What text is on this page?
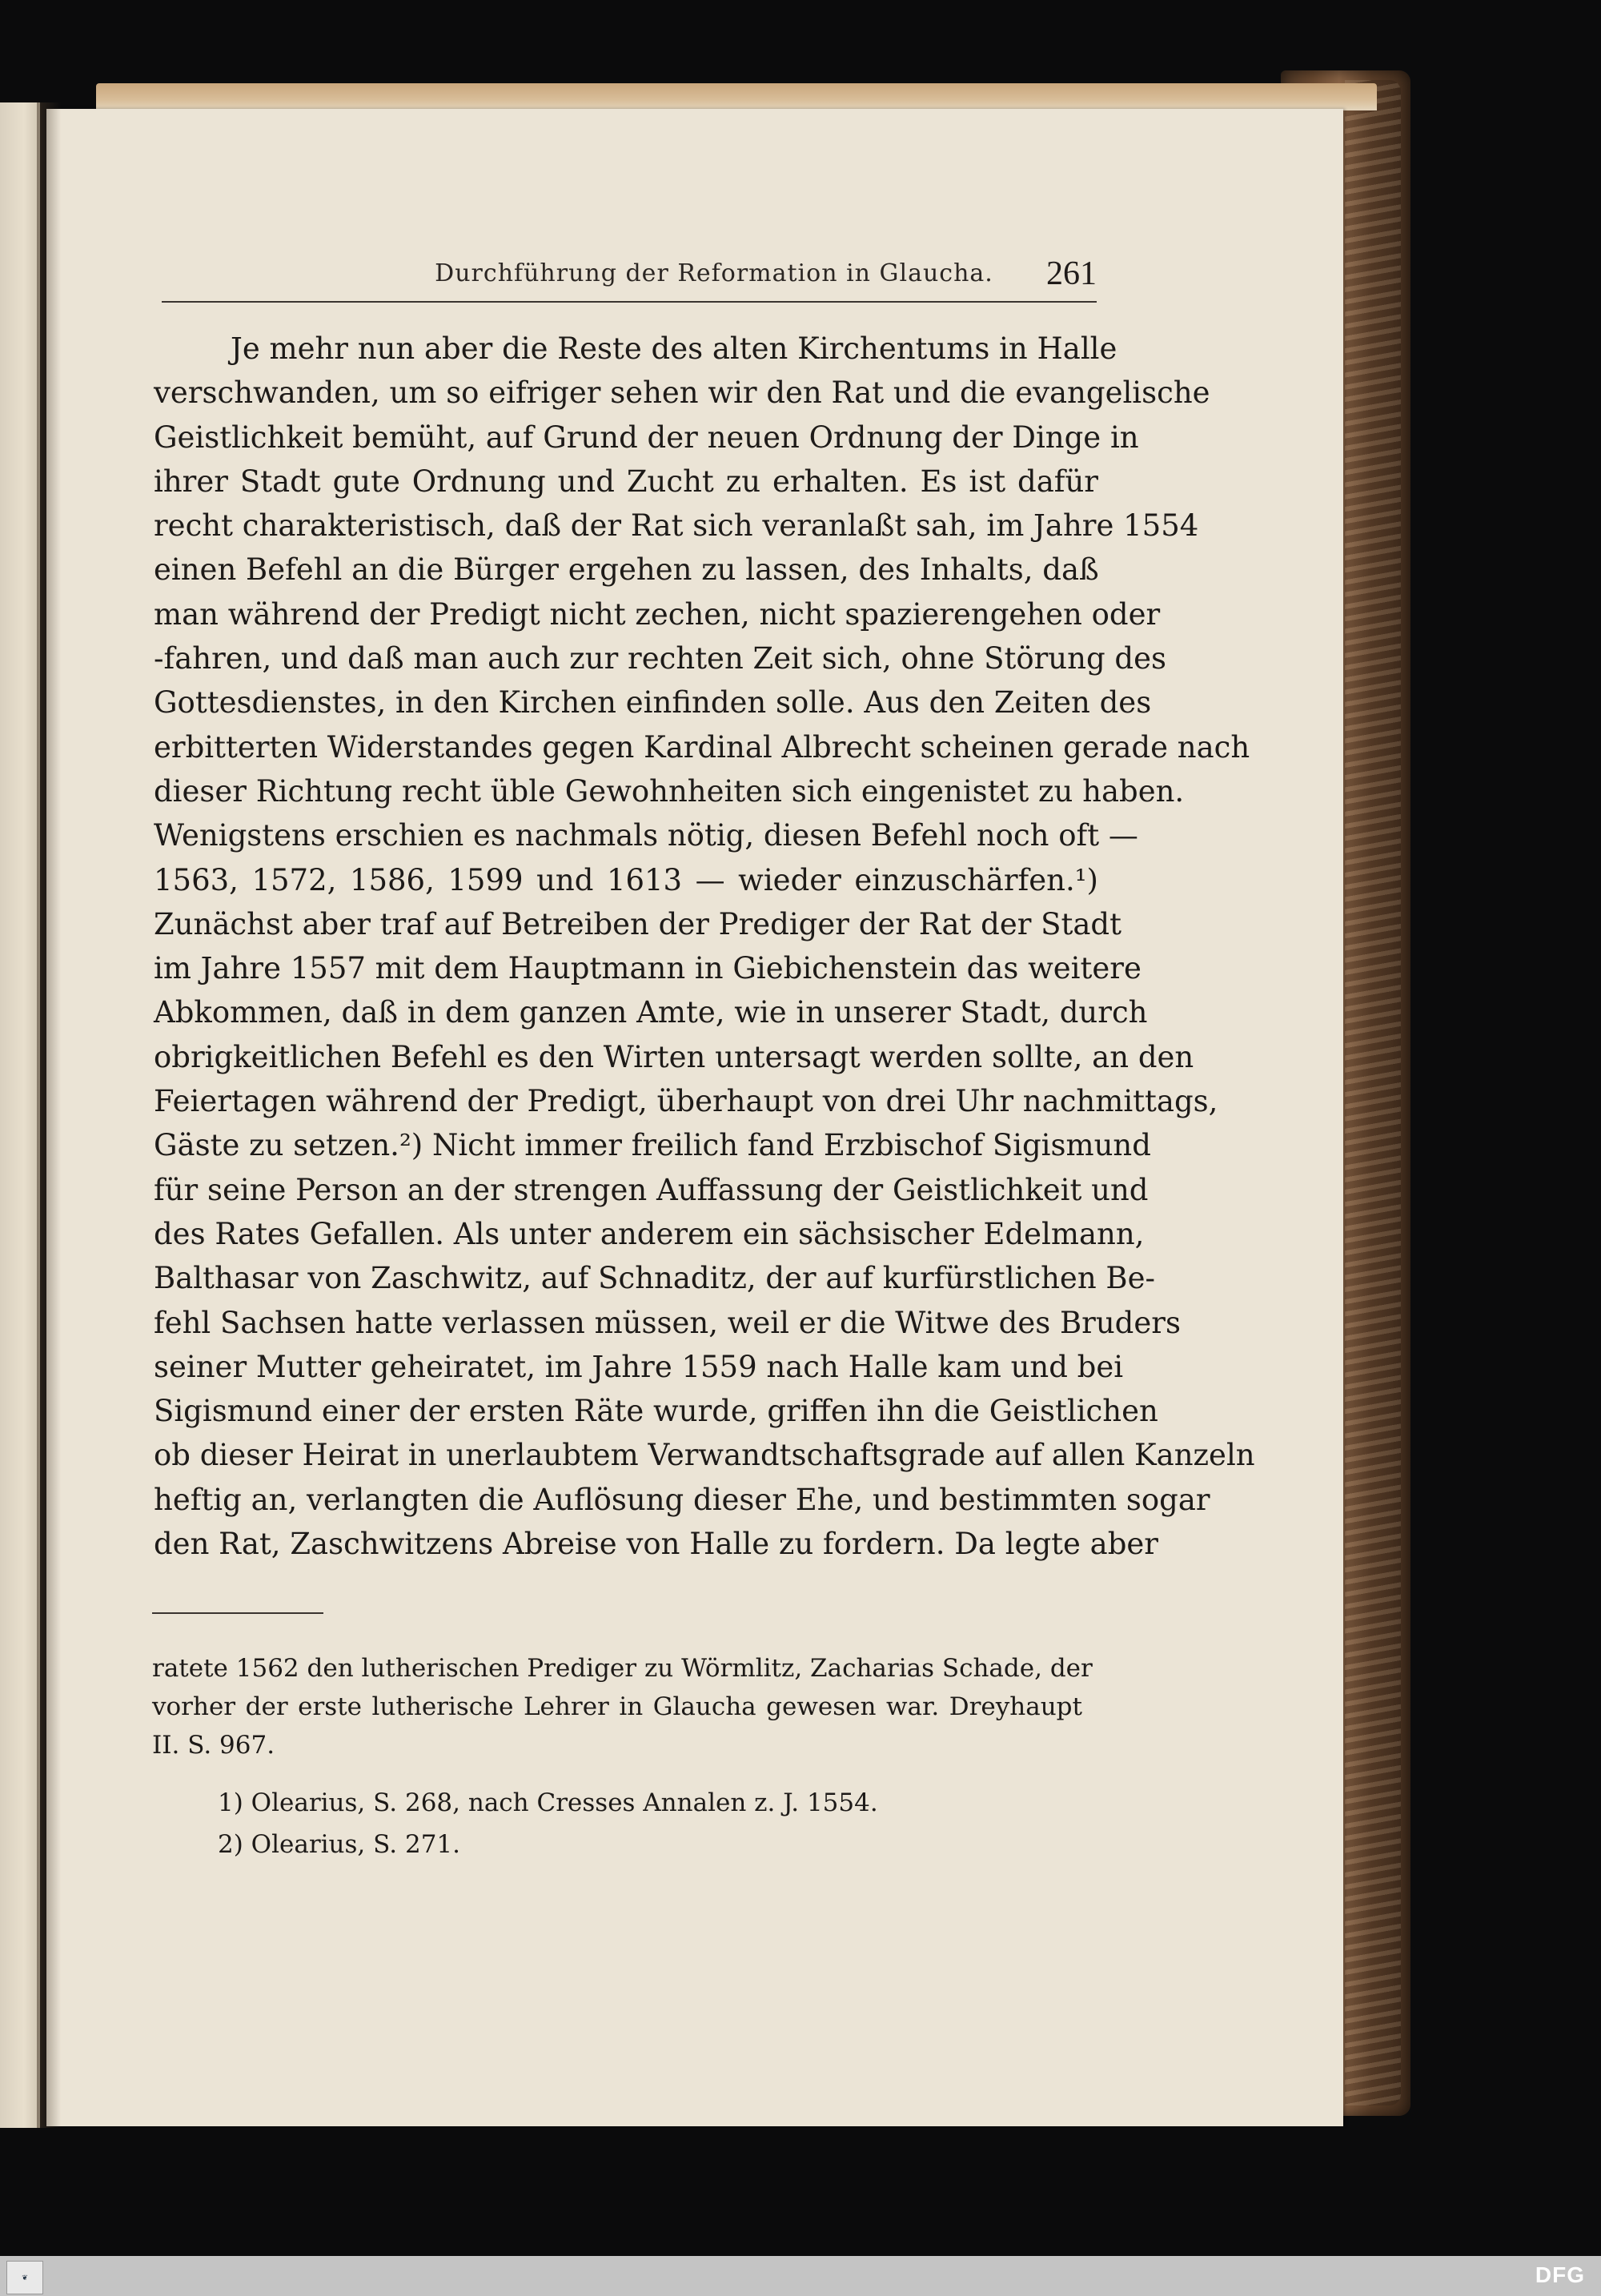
Durchführung der Reformation in Glaucha.	261
Je mehr nun aber die Reste des alten Kirchentums in Halle
verschwanden, um so eifriger sehen wir den Rat und die evangelische
Geistlichkeit bemüht, auf Grund der neuen Ordnung der Dinge in
ihrer Stadt gute Ordnung und Zucht zu erhalten. Es ist dafür
recht charakteristisch, daß der Rat sich veranlaßt sah, im Jahre 1554
einen Befehl an die Bürger ergehen zu lassen, des Inhalts, daß
man während der Predigt nicht zechen, nicht spazierengehen oder
-fahren, und daß man auch zur rechten Zeit sich, ohne Störung des
Gottesdienstes, in den Kirchen einfinden solle. Aus den Zeiten des
erbitterten Widerstandes gegen Kardinal Albrecht scheinen gerade nach
dieser Richtung recht üble Gewohnheiten sich eingenistet zu haben.
Wenigstens erschien es nachmals nötig, diesen Befehl noch oft —
1563, 1572, 1586, 1599 und 1613 — wieder einzuschärfen.¹)
Zunächst aber traf auf Betreiben der Prediger der Rat der Stadt
im Jahre 1557 mit dem Hauptmann in Giebichenstein das weitere
Abkommen, daß in dem ganzen Amte, wie in unserer Stadt, durch
obrigkeitlichen Befehl es den Wirten untersagt werden sollte, an den
Feiertagen während der Predigt, überhaupt von drei Uhr nachmittags,
Gäste zu setzen.²) Nicht immer freilich fand Erzbischof Sigismund
für seine Person an der strengen Auffassung der Geistlichkeit und
des Rates Gefallen. Als unter anderem ein sächsischer Edelmann,
Balthasar von Zaschwitz, auf Schnaditz, der auf kurfürstlichen Be-
fehl Sachsen hatte verlassen müssen, weil er die Witwe des Bruders
seiner Mutter geheiratet, im Jahre 1559 nach Halle kam und bei
Sigismund einer der ersten Räte wurde, griffen ihn die Geistlichen
ob dieser Heirat in unerlaubtem Verwandtschaftsgrade auf allen Kanzeln
heftig an, verlangten die Auflösung dieser Ehe, und bestimmten sogar
den Rat, Zaschwitzens Abreise von Halle zu fordern. Da legte aber
ratete 1562 den lutherischen Prediger zu Wörmlitz, Zacharias Schade, der
vorher der erste lutherische Lehrer in Glaucha gewesen war. Dreyhaupt
II. S. 967.
1) Olearius, S. 268, nach Cresses Annalen z. J. 1554.
2) Olearius, S. 271.
❦	DFG
